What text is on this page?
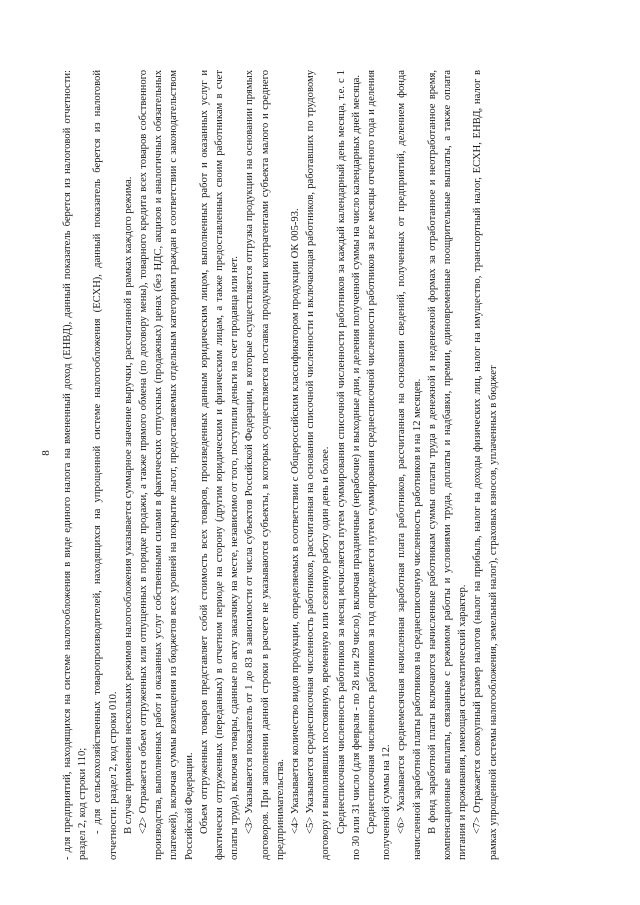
8 - для предприятий, находящихся на системе налогообложения в виде единого налога на вмененный доход (ЕНВД), данный показатель берется из налоговой отчетности: раздел 2, код строки 110; - для сельскохозяйственных товаропроизводителей, находящихся на упрощенной системе налогообложения (ЕСХН), данный показатель берется из налоговой отчетности: раздел 2, код строки 010. В случае применения нескольких режимов налогообложения указывается суммарное значение выручки, рассчитанной в рамках каждого режима. <2> Отражается объем отгруженных или отпущенных в порядке продажи, а также прямого обмена (по договору мены), товарного кредита всех товаров собственного производства, выполненных работ и оказанных услуг собственными силами в фактических отпускных (продажных) ценах (без НДС, акцизов и аналогичных обязательных платежей), включая суммы возмещения из бюджетов всех уровней на покрытие льгот, предоставляемых отдельным категориям граждан в соответствии с законодательством Российской Федерации. Объем отгруженных товаров представляет собой стоимость всех товаров, произведенных данным юридическим лицом, выполненных работ и оказанных услуг и фактически отгруженных (переданных) в отчетном периоде на сторону (другим юридическим и физическим лицам, а также предоставленных своим работникам в счет оплаты труда), включая товары, сданные по акту заказчику на месте, независимо от того, поступили деньги на счет продавца или нет. <3> Указывается показатель от 1 до 83 в зависимости от числа субъектов Российской Федерации, в которые осуществляется отгрузка продукции на основании прямых договоров. При заполнении данной строки в расчете не указываются субъекты, в которых осуществляется поставка продукции контрагентами субъекта малого и среднего предпринимательства. <4> Указывается количество видов продукции, определяемых в соответствии с Общероссийским классификатором продукции ОК 005-93. <5> Указывается среднесписочная численность работников, рассчитанная на основании списочной численности и включающая работников, работавших по трудовому договору и выполнявших постоянную, временную или сезонную работу один день и более. Среднесписочная численность работников за месяц исчисляется путем суммирования списочной численности работников за каждый календарный день месяца, т.е. с 1 по 30 или 31 число (для февраля - по 28 или 29 число), включая праздничные (нерабочие) и выходные дни, и деления полученной суммы на число календарных дней месяца. Среднесписочная численность работников за год определяется путем суммирования среднесписочной численности работников за все месяцы отчетного года и деления полученной суммы на 12. <6> Указывается среднемесячная начисленная заработная плата работников, рассчитанная на основании сведений, полученных от предприятий, делением фонда начисленной заработной платы работников на среднесписочную численность работников и на 12 месяцев. В фонд заработной платы включаются начисленные работникам суммы оплаты труда в денежной и неденежной формах за отработанное и неотработанное время, компенсационные выплаты, связанные с режимом работы и условиями труда, доплаты и надбавки, премии, единовременные поощрительные выплаты, а также оплата питания и проживания, имеющая систематический характер. <7> Отражается совокупный размер налогов (налог на прибыль, налог на доходы физических лиц, налог на имущество, транспортный налог, ЕСХН, ЕНВД, налог в рамках упрощенной системы налогообложения, земельный налог), страховых взносов, уплаченных в бюджет
